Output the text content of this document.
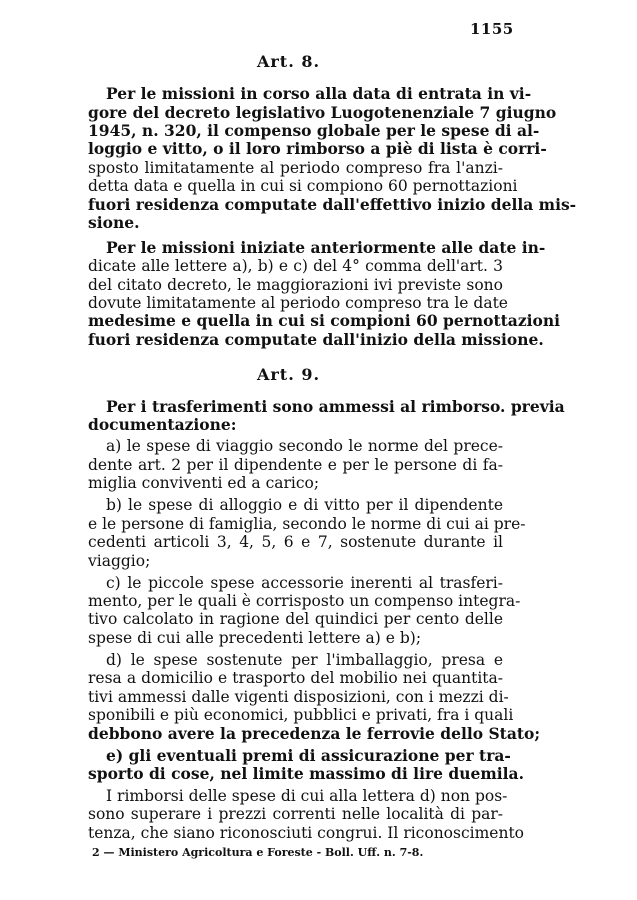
1155
Art. 8.
Per le missioni in corso alla data di entrata in vi-
gore del decreto legislativo Luogotenenziale 7 giugno
1945, n. 320, il compenso globale per le spese di al-
loggio e vitto, o il loro rimborso a piè di lista è corri-
sposto limitatamente al periodo compreso fra l'anzi-
detta data e quella in cui si compiono 60 pernottazioni
fuori residenza computate dall'effettivo inizio della mis-
sione.
Per le missioni iniziate anteriormente alle date in-
dicate alle lettere a), b) e c) del 4° comma dell'art. 3
del citato decreto, le maggiorazioni ivi previste sono
dovute limitatamente al periodo compreso tra le date
medesime e quella in cui si compioni 60 pernottazioni
fuori residenza computate dall'inizio della missione.
Art. 9.
Per i trasferimenti sono ammessi al rimborso. previa
documentazione:
a) le spese di viaggio secondo le norme del prece-
dente art. 2 per il dipendente e per le persone di fa-
miglia conviventi ed a carico;
b) le spese di alloggio e di vitto per il dipendente
e le persone di famiglia, secondo le norme di cui ai pre-
cedenti articoli 3, 4, 5, 6 e 7, sostenute durante il
viaggio;
c) le piccole spese accessorie inerenti al trasferi-
mento, per le quali è corrisposto un compenso integra-
tivo calcolato in ragione del quindici per cento delle
spese di cui alle precedenti lettere a) e b);
d) le spese sostenute per l'imballaggio, presa e
resa a domicilio e trasporto del mobilio nei quantita-
tivi ammessi dalle vigenti disposizioni, con i mezzi di-
sponibili e più economici, pubblici e privati, fra i quali
debbono avere la precedenza le ferrovie dello Stato;
e) gli eventuali premi di assicurazione per tra-
sporto di cose, nel limite massimo di lire duemila.
I rimborsi delle spese di cui alla lettera d) non pos-
sono superare i prezzi correnti nelle località di par-
tenza, che siano riconosciuti congrui. Il riconoscimento
2 — Ministero Agricoltura e Foreste - Boll. Uff. n. 7-8.
